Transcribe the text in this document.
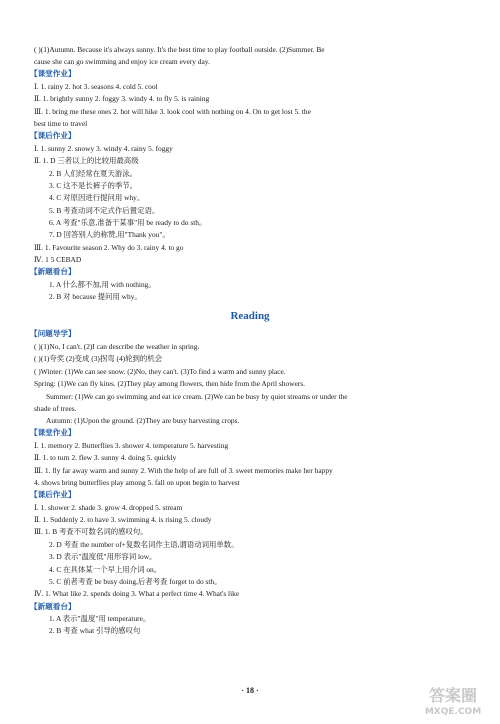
( )(1)Autumn. Because it's always sunny. It's the best time to play football outside. (2)Summer. Be
cause she can go swimming and enjoy ice cream every day.
【课堂作业】
Ⅰ. 1. rainy 2. hot 3. seasons 4. cold 5. cool
Ⅱ. 1. brightly sunny 2. foggy 3. windy 4. to fly 5. is raining
Ⅲ. 1. bring me these ones 2. hot will hike 3. look cool with nothing on 4. On to get lost 5. the
best time to travel
【课后作业】
Ⅰ. 1. sunny 2. snowy 3. windy 4. rainy 5. foggy
Ⅱ. 1. D 三者以上的比较用最高级
2. B 人们经常在夏天游泳。
3. C 这不是长裤子的季节。
4. C 对原因进行提问用 why。
5. B 考查动词不定式作后置定语。
6. A 考查"乐意,准备干某事"用 be ready to do sth。
7. D 回答别人的称赞,用"Thank you"。
Ⅲ. 1. Favourite season 2. Why do 3. rainy 4. to go
Ⅳ. 1 5 CEBAD
【新题看台】
1. A 什么都不加,用 with nothing。
2. B 对 because 提问用 why。
【问题导学】
( )(1)No, I can't. (2)I can describe the weather in spring.
( )(1)夸奖 (2)变成 (3)拐弯 (4)轮到的机会
( )Winter: (1)We can see snow. (2)No, they can't. (3)To find a warm and sunny place.
Spring: (1)We can fly kites. (2)They play among flowers, then hide from the April showers.
Summer: (1)We can go swimming and eat ice cream. (2)We can be busy by quiet streams or under the
shade of trees.
Autumn: (1)Upon the ground. (2)They are busy harvesting crops.
【课堂作业】
Ⅰ. 1. memory 2. Butterflies 3. shower 4. temperature 5. harvesting
Ⅱ. 1. to turn 2. flew 3. sunny 4. doing 5. quickly
Ⅲ. 1. fly far away warm and sunny 2. With the help of are full of 3. sweet memories make her happy
4. shows bring butterflies play among 5. fall on upon begin to harvest
【课后作业】
Ⅰ. 1. shower 2. shade 3. grow 4. dropped 5. stream
Ⅱ. 1. Suddenly 2. to have 3. swimming 4. is rising 5. cloudy
Ⅲ. 1. B 考查不可数名词的感叹句。
2. D 考查 the number of+复数名词作主语,谓语动词用单数。
3. D 表示"温度低"用形容词 low。
4. C 在具体某一个早上用介词 on。
5. C 前者考查 be busy doing,后者考查 forget to do sth。
Ⅳ. 1. What like 2. spends doing 3. What a perfect time 4. What's like
【新题看台】
1. A 表示"温度"用 temperature。
2. B 考查 what 引导的感叹句
Reading
· 18 ·	答案圈
MXQE.COM
